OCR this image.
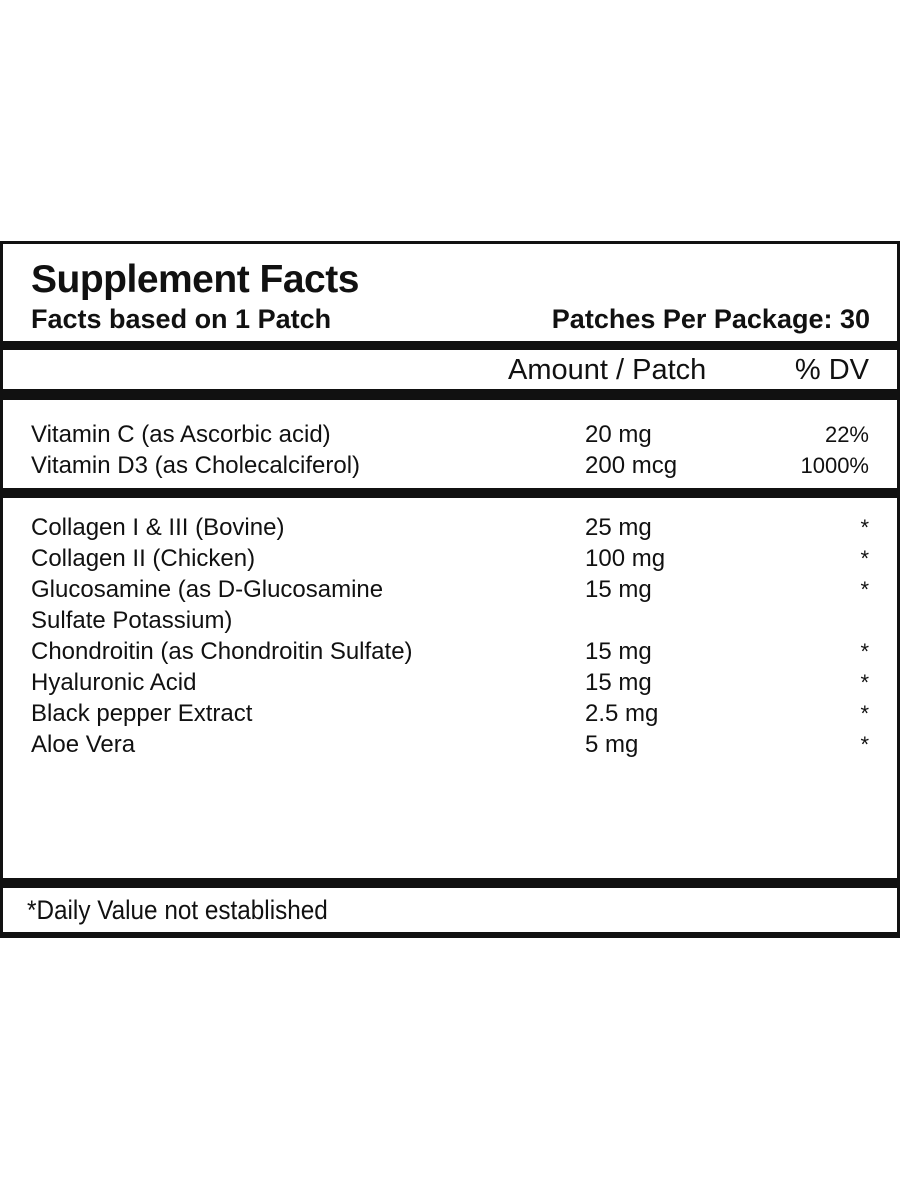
Supplement Facts
Facts based on 1 Patch	Patches Per Package: 30
Amount / Patch	% DV
Vitamin C (as Ascorbic acid)	20 mg	22%
Vitamin D3 (as Cholecalciferol)	200 mcg	1000%
Collagen I & III (Bovine)	25 mg	*
Collagen II (Chicken)	100 mg	*
Glucosamine (as D-Glucosamine	15 mg	*
Sulfate Potassium)
Chondroitin (as Chondroitin Sulfate)	15 mg	*
Hyaluronic Acid	15 mg	*
Black pepper Extract	2.5 mg	*
Aloe Vera	5 mg	*
*Daily Value not established
